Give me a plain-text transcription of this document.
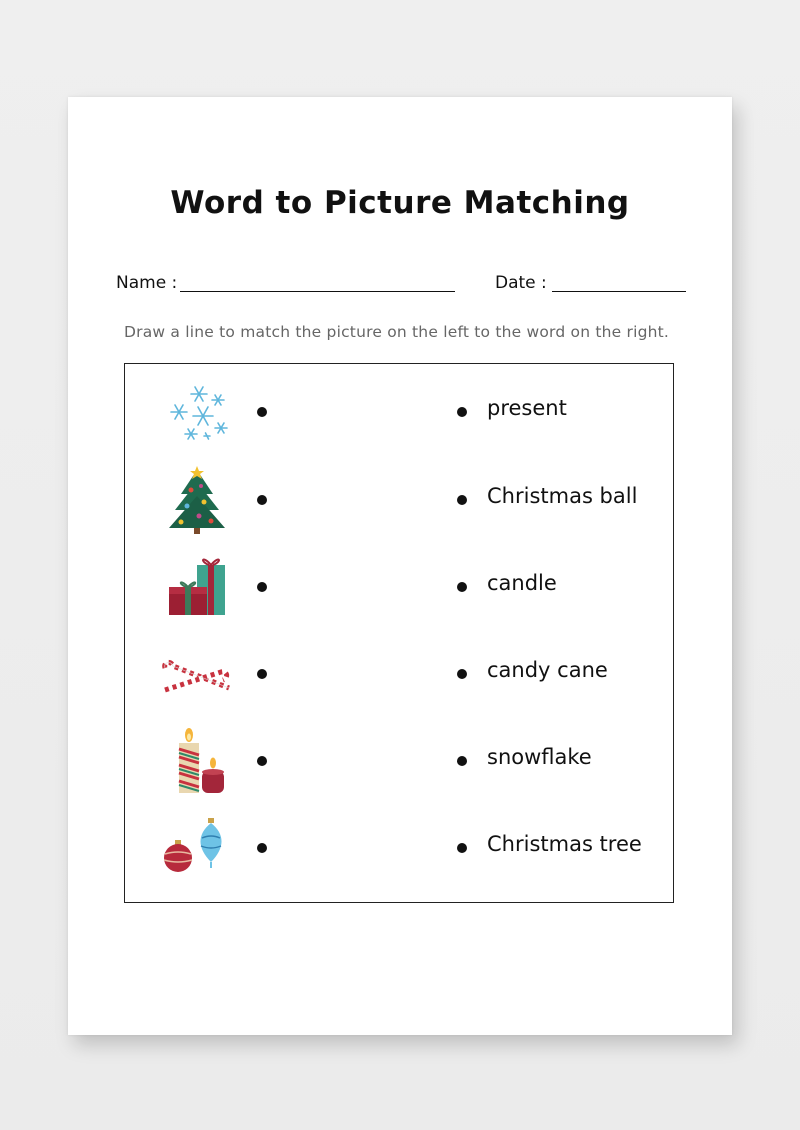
Word to Picture Matching
Name :	Date :
Draw a line to match the picture on the left to the word on the right.
present
Christmas ball
candle
candy cane
snowflake
Christmas tree
